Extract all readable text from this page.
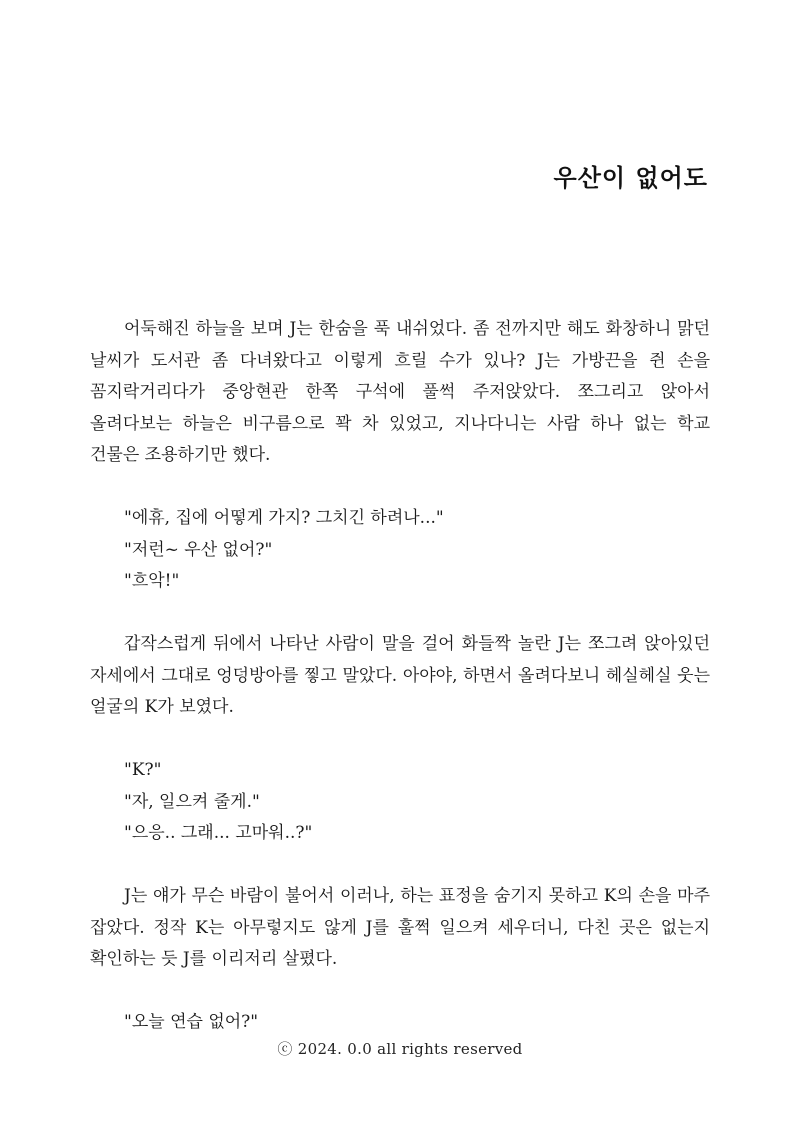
우산이 없어도

어둑해진 하늘을 보며 J는 한숨을 푹 내쉬었다. 좀 전까지만 해도 화창하니 맑던 날씨가 도서관 좀 다녀왔다고 이렇게 흐릴 수가 있나? J는 가방끈을 쥔 손을 꼼지락거리다가 중앙현관 한쪽 구석에 풀썩 주저앉았다. 쪼그리고 앉아서 올려다보는 하늘은 비구름으로 꽉 차 있었고, 지나다니는 사람 하나 없는 학교 건물은 조용하기만 했다.

"에휴, 집에 어떻게 가지? 그치긴 하려나..."

"저런~ 우산 없어?"

"흐악!"

갑작스럽게 뒤에서 나타난 사람이 말을 걸어 화들짝 놀란 J는 쪼그려 앉아있던 자세에서 그대로 엉덩방아를 찧고 말았다. 아야야, 하면서 올려다보니 헤실헤실 웃는 얼굴의 K가 보였다.

"K?"

"자, 일으켜 줄게."

"으응.. 그래... 고마워..?"

J는 얘가 무슨 바람이 불어서 이러나, 하는 표정을 숨기지 못하고 K의 손을 마주 잡았다. 정작 K는 아무렇지도 않게 J를 훌쩍 일으켜 세우더니, 다친 곳은 없는지 확인하는 듯 J를 이리저리 살폈다.

"오늘 연습 없어?"

ⓒ 2024. 0.0 all rights reserved
